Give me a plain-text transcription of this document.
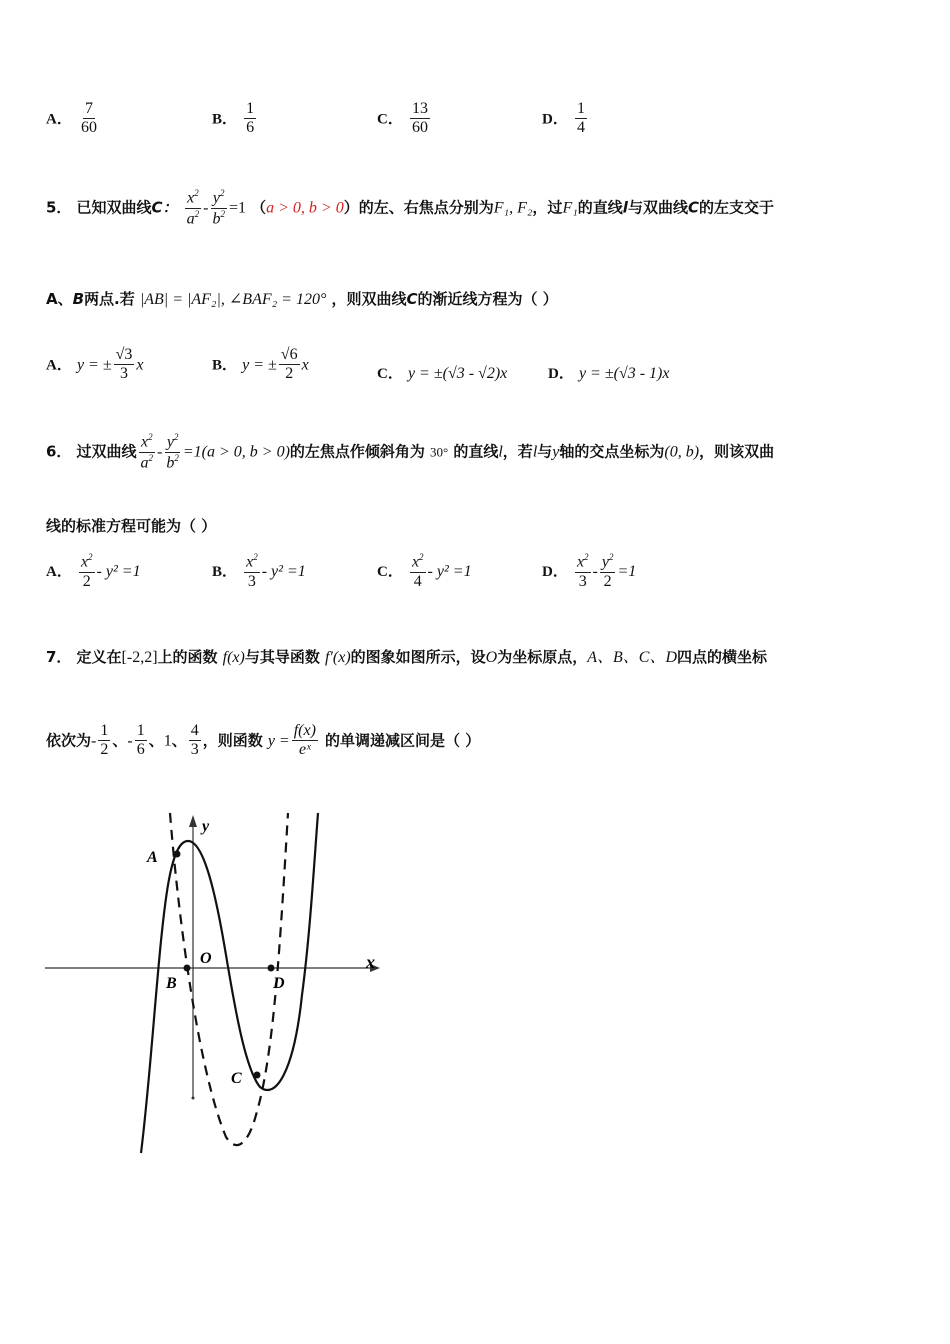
A． $\frac{7}{60}$	B． $\frac{1}{6}$	C． $\frac{13}{60}$	D． $\frac{1}{4}$
5． 已知双曲线C： $\frac{x^2}{a^2} - \frac{y^2}{b^2} =1$ （a > 0, b > 0）的左、右焦点分别为F₁, F₂，过F₁的直线l与双曲线C的左支交于
A、B两点.若 |AB| = |AF₂|, ∠BAF₂ = 120° ，则双曲线C的渐近线方程为（ ）
A． y = ± $\frac{√3}{3}$ x	B． y = ± $\frac{√6}{2}$ x
C． y = ±(√3 - √2)x	D． y = ±(√3 - 1)x
6． 过双曲线 $\frac{x^2}{a^2} - \frac{y^2}{b^2} =1(a > 0$, b > 0)的左焦点作倾斜角为 30° 的直线l，若l与y轴的交点坐标为(0, b)，则该双曲
线的标准方程可能为（ ）
A． $\frac{x^2}{2} - y^2 =1$	B． $\frac{x^2}{3} - y^2 =1$	C． $\frac{x^2}{4} - y^2 =1$	D． $\frac{x^2}{3} - \frac{y^2}{2} =1$
7． 定义在[-2,2]上的函数 f(x)与其导函数 f′(x)的图象如图所示，设O为坐标原点，A、B、C、D四点的横坐标
依次为- $\frac{1}{2}$ 、- $\frac{1}{6}$ 、1、 $\frac{4}{3}$ ，则函数 $y = \frac{f(x)}{\text{eˣ}}$ 的单调递减区间是（ ）
A
B
O
D
C
x
y
